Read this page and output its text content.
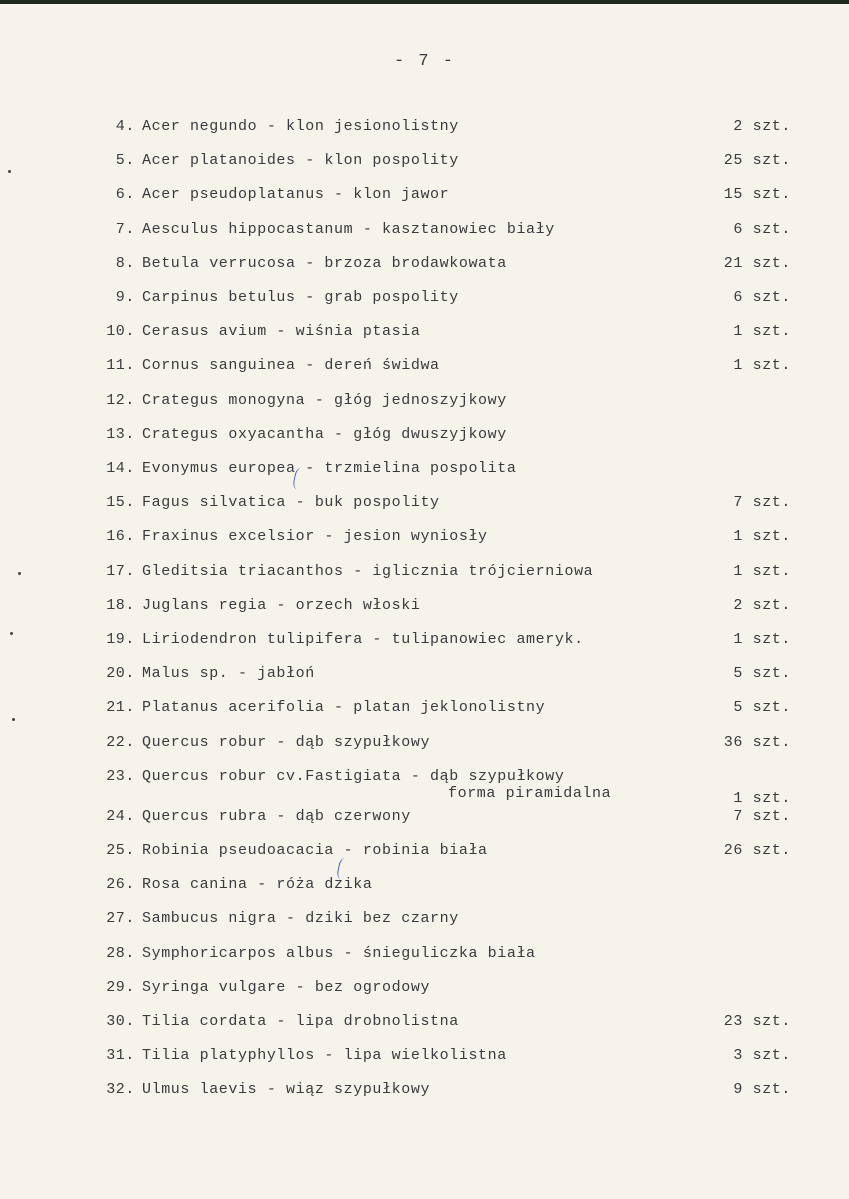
- 7 -
4. Acer negundo - klon jesionolistny	2 szt.
5. Acer platanoides - klon pospolity	25 szt.
6. Acer pseudoplatanus - klon jawor	15 szt.
7. Aesculus hippocastanum - kasztanowiec biały	6 szt.
8. Betula verrucosa - brzoza brodawkowata	21 szt.
9. Carpinus betulus - grab pospolity	6 szt.
10. Cerasus avium - wiśnia ptasia	1 szt.
11. Cornus sanguinea - dereń świdwa	1 szt.
12. Crategus monogyna - głóg jednoszyjkowy
13. Crategus oxyacantha - głóg dwuszyjkowy
14. Evonymus europea - trzmielina pospolita
15. Fagus silvatica - buk pospolity	7 szt.
16. Fraxinus excelsior - jesion wyniosły	1 szt.
17. Gleditsia triacanthos - iglicznia trójcierniowa	1 szt.
18. Juglans regia - orzech włoski	2 szt.
19. Liriodendron tulipifera - tulipanowiec ameryk.	1 szt.
20. Malus sp. - jabłoń	5 szt.
21. Platanus acerifolia - platan jeklonolistny	5 szt.
22. Quercus robur - dąb szypułkowy	36 szt.
23. Quercus robur cv.Fastigiata - dąb szypułkowy
forma piramidalna	1 szt.
24. Quercus rubra - dąb czerwony	7 szt.
25. Robinia pseudoacacia - robinia biała	26 szt.
26. Rosa canina - róża dzika
27. Sambucus nigra - dziki bez czarny
28. Symphoricarpos albus - śnieguliczka biała
29. Syringa vulgare - bez ogrodowy
30. Tilia cordata - lipa drobnolistna	23 szt.
31. Tilia platyphyllos - lipa wielkolistna	3 szt.
32. Ulmus laevis - wiąz szypułkowy	9 szt.
